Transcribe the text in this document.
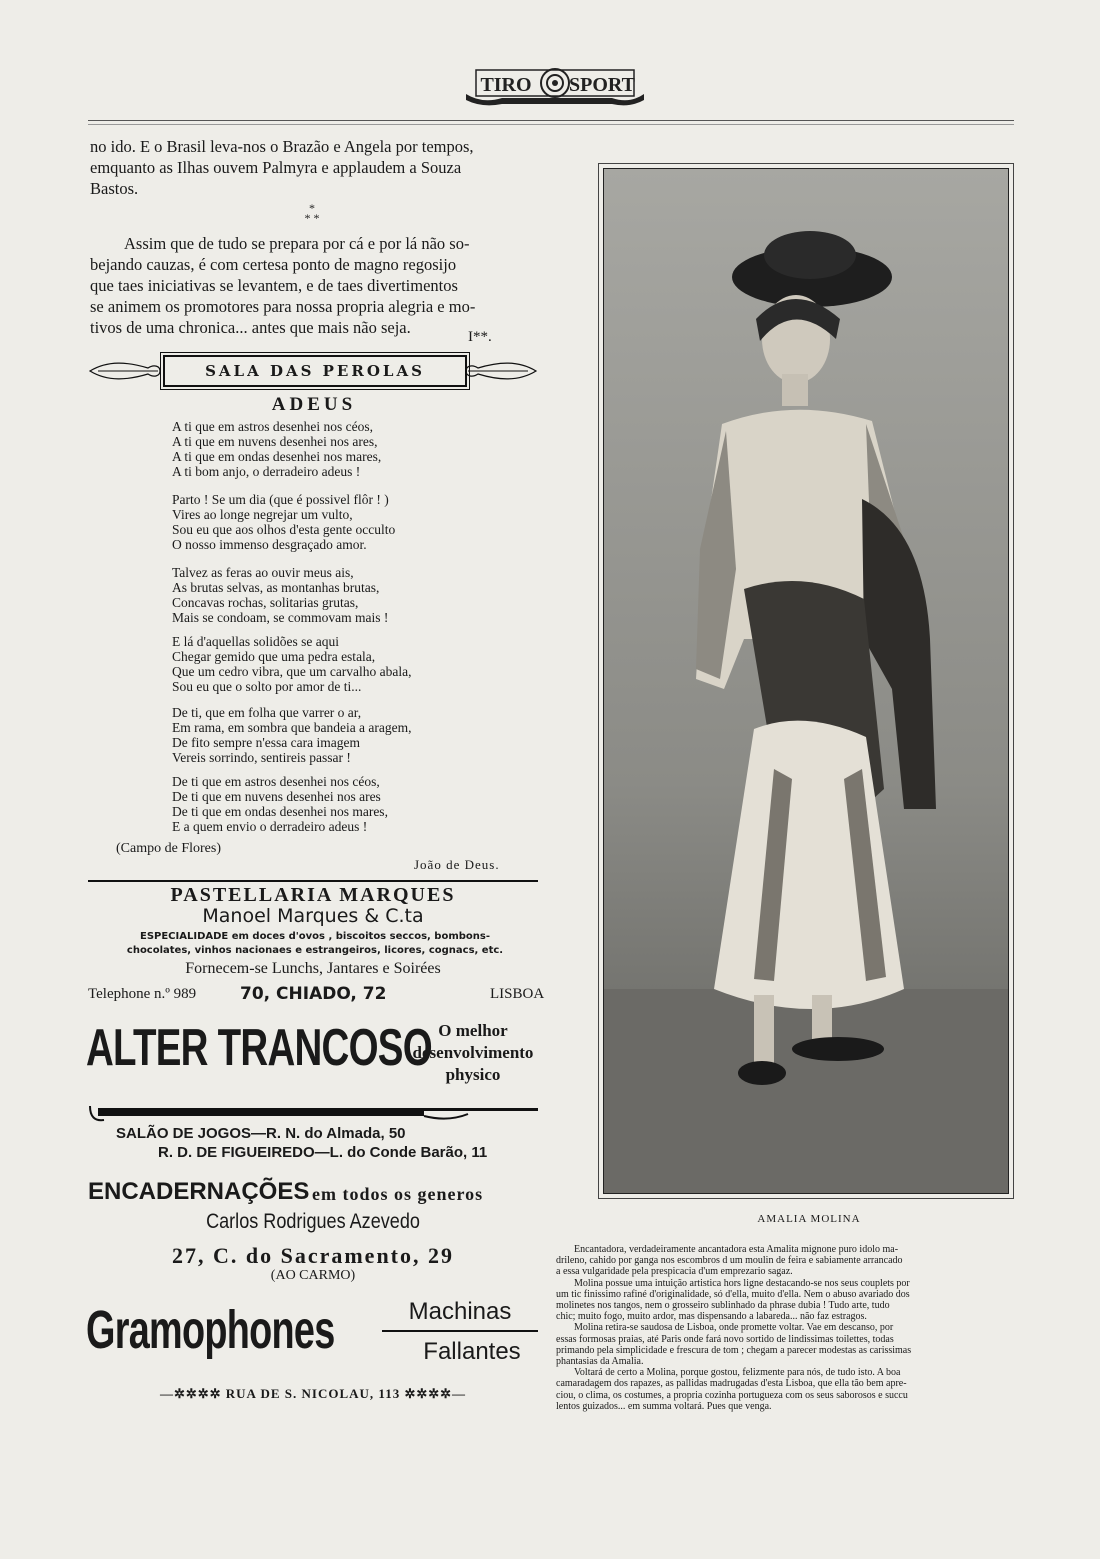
TIRO SPORT

no ido. E o Brasil leva-nos o Brazão e Angela por tempos,
emquanto as Ilhas ouvem Palmyra e applaudem a Souza
Bastos.

*
* *

Assim que de tudo se prepara por cá e por lá não so-
bejando cauzas, é com certesa ponto de magno regosijo
que taes iniciativas se levantem, e de taes divertimentos
se animem os promotores para nossa propria alegria e mo-
tivos de uma chronica... antes que mais não seja.	I**.
SALA DAS PEROLAS
ADEUS

A ti que em astros desenhei nos céos,
A ti que em nuvens desenhei nos ares,
A ti que em ondas desenhei nos mares,
A ti bom anjo, o derradeiro adeus !

Parto ! Se um dia (que é possivel flôr ! )
Vires ao longe negrejar um vulto,
Sou eu que aos olhos d'esta gente occulto
O nosso immenso desgraçado amor.

Talvez as feras ao ouvir meus ais,
As brutas selvas, as montanhas brutas,
Concavas rochas, solitarias grutas,
Mais se condoam, se commovam mais !

E lá d'aquellas solidões se aqui
Chegar gemido que uma pedra estala,
Que um cedro vibra, que um carvalho abala,
Sou eu que o solto por amor de ti...

De ti, que em folha que varrer o ar,
Em rama, em sombra que bandeia a aragem,
De fito sempre n'essa cara imagem
Vereis sorrindo, sentireis passar !

De ti que em astros desenhei nos céos,
De ti que em nuvens desenhei nos ares
De ti que em ondas desenhei nos mares,
E a quem envio o derradeiro adeus !

(Campo de Flores)
João de Deus.
PASTELLARIA MARQUES
Manoel Marques & C.ta
ESPECIALIDADE em doces d'ovos , biscoitos seccos, bombons-chocolates, vinhos nacionaes e estrangeiros, licores, cognacs, etc.
Fornecem-se Lunchs, Jantares e Soirées
Telephone n.º 989	70, CHIADO, 72	LISBOA
ALTER TRANCOSO O melhor
desenvolvimento
physico
SALÃO DE JOGOS—R. N. do Almada, 50
R. D. DE FIGUEIREDO—L. do Conde Barão, 11
ENCADERNAÇÕES em todos os generos
Carlos Rodrigues Azevedo
27, C. do Sacramento, 29
(AO CARMO)
Gramophones	Machinas
Fallantes
—✲✲✲✲ RUA DE S. NICOLAU, 113 ✲✲✲✲—
AMALIA MOLINA

Encantadora, verdadeiramente ancantadora esta Amalita mignone puro idolo ma-
drileno, cahido por ganga nos escombros d um moulin de feira e sabiamente arrancado
a essa vulgaridade pela prespicacia d'um emprezario sagaz.
Molina possue uma intuição artistica hors ligne destacando-se nos seus couplets por
um tic finissimo rafiné d'originalidade, só d'ella, muito d'ella. Nem o abuso avariado dos
molinetes nos tangos, nem o grosseiro sublinhado da phrase dubia ! Tudo arte, tudo
chic; muito fogo, muito ardor, mas dispensando a labareda... não faz estragos.
Molina retira-se saudosa de Lisboa, onde promette voltar. Vae em descanso, por
essas formosas praias, até Paris onde fará novo sortido de lindissimas toilettes, todas
primando pela simplicidade e frescura de tom ; chegam a parecer modestas as carissimas
phantasias da Amalia.
Voltará de certo a Molina, porque gostou, felizmente para nós, de tudo isto. A boa
camaradagem dos rapazes, as pallidas madrugadas d'esta Lisboa, que ella tão bem apre-
ciou, o clima, os costumes, a propria cozinha portugueza com os seus saborosos e succu
lentos guizados... em summa voltará. Pues que venga.
